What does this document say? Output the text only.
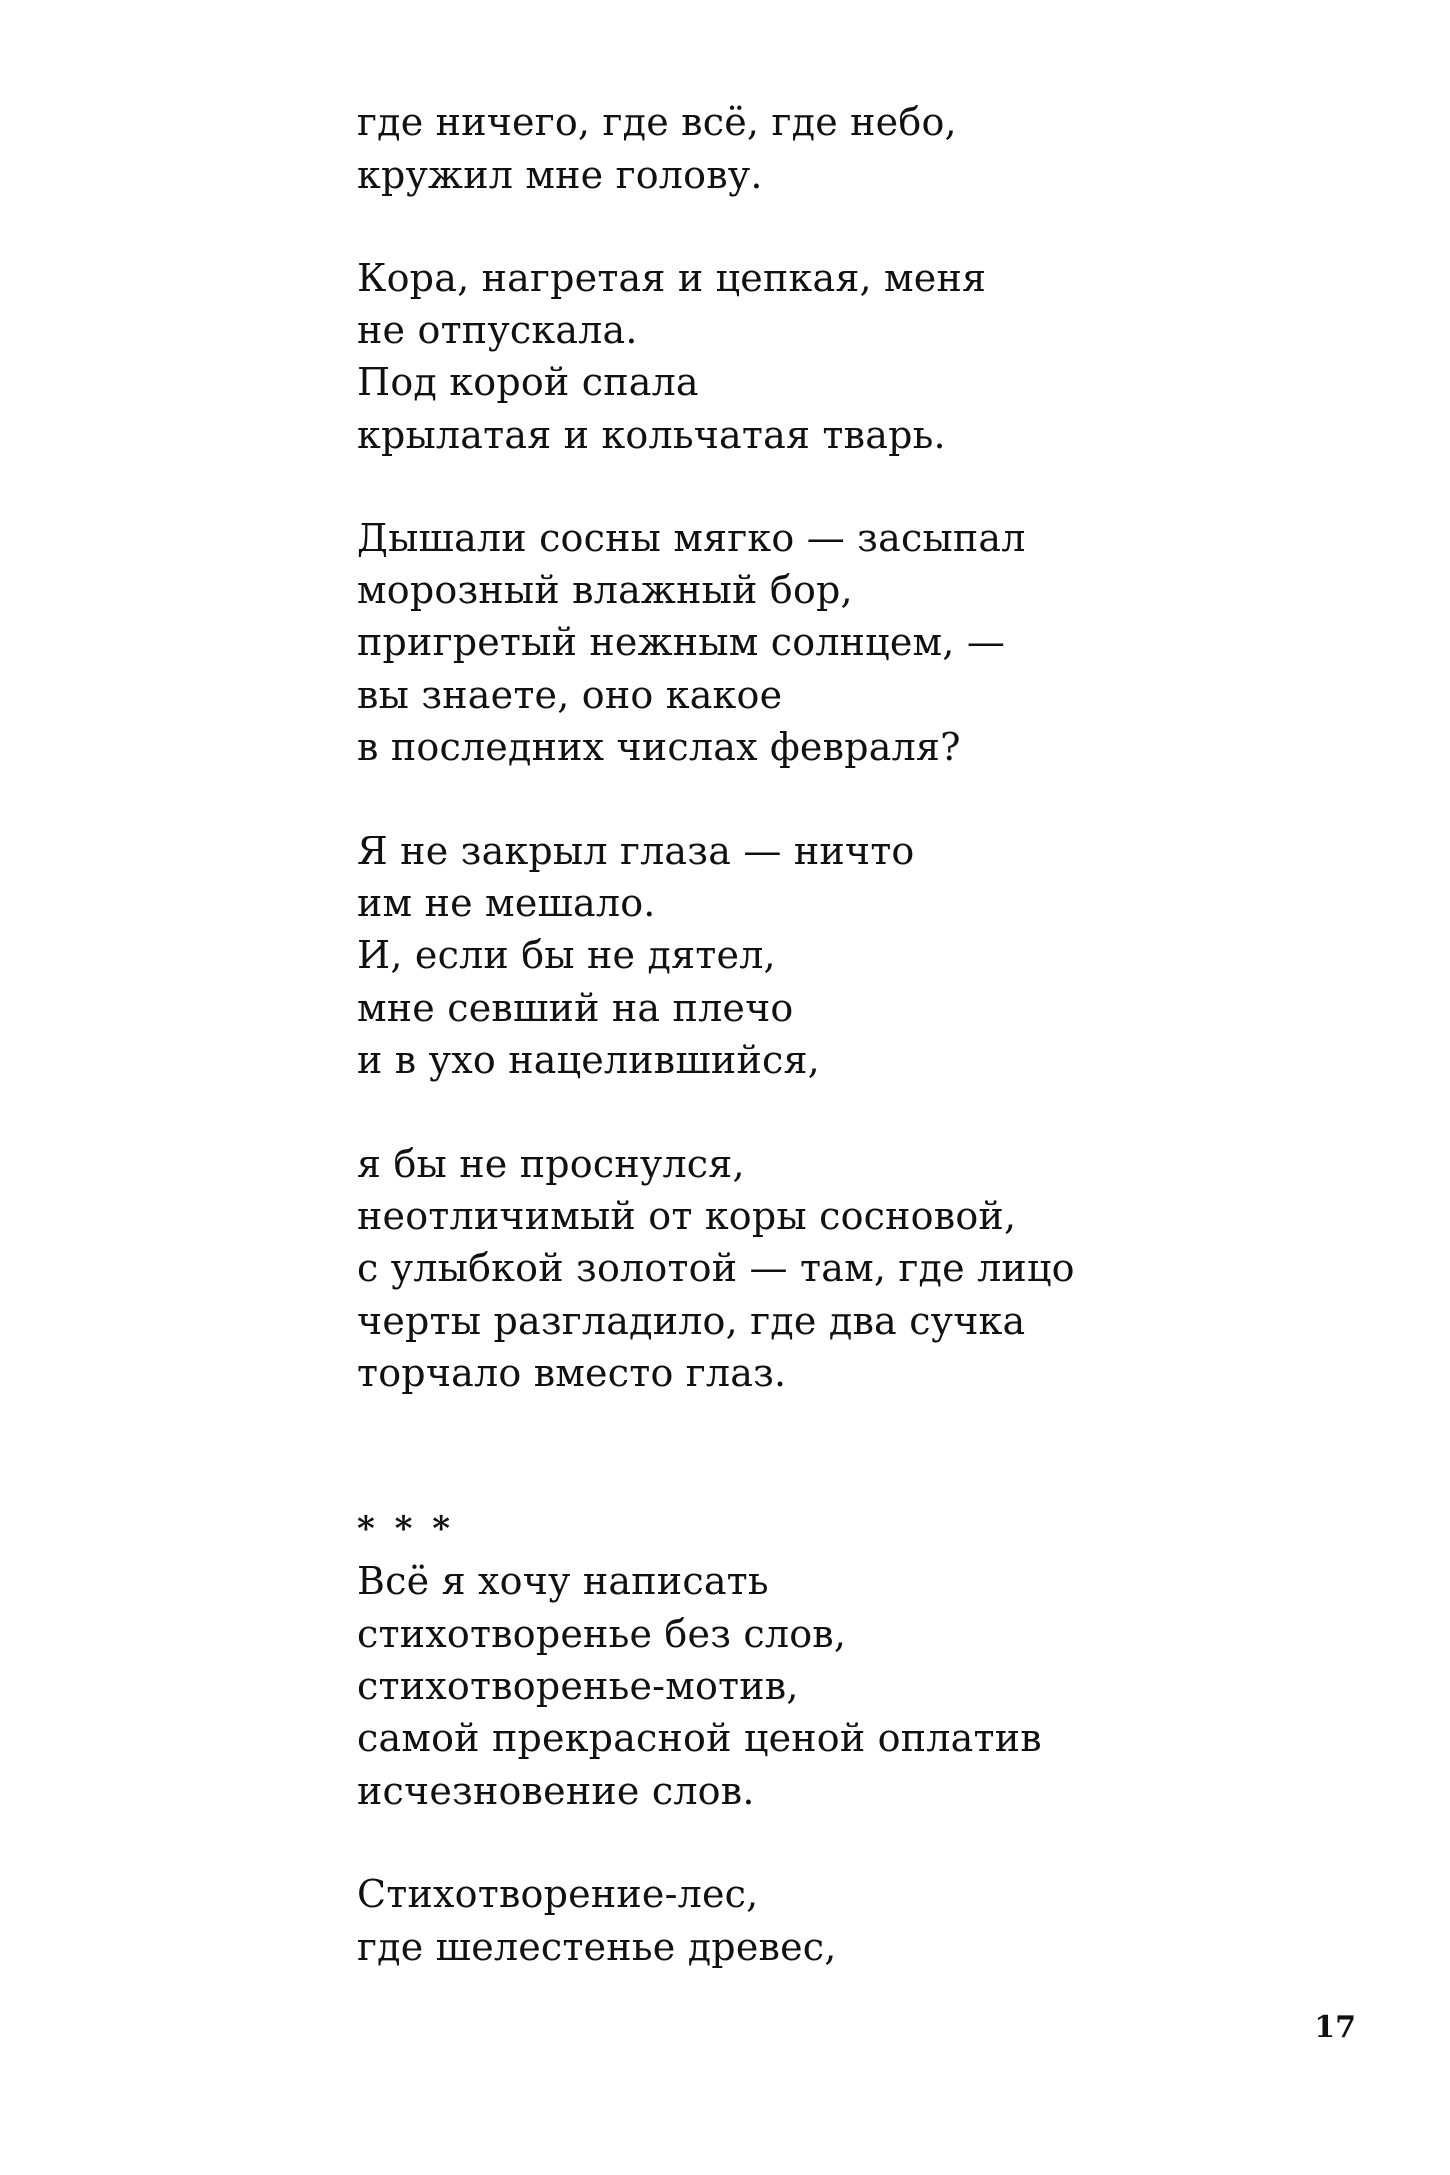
где ничего, где всё, где небо,
кружил мне голову.
Кора, нагретая и цепкая, меня
не отпускала.
Под корой спала
крылатая и кольчатая тварь.
Дышали сосны мягко — засыпал
морозный влажный бор,
пригретый нежным солнцем, —
вы знаете, оно какое
в последних числах февраля?
Я не закрыл глаза — ничто
им не мешало.
И, если бы не дятел,
мне севший на плечо
и в ухо нацелившийся,
я бы не проснулся,
неотличимый от коры сосновой,
с улыбкой золотой — там, где лицо
черты разгладило, где два сучка
торчало вместо глаз.
* * *
Всё я хочу написать
стихотворенье без слов,
стихотворенье-мотив,
самой прекрасной ценой оплатив
исчезновение слов.
Стихотворение-лес,
где шелестенье древес,
17
